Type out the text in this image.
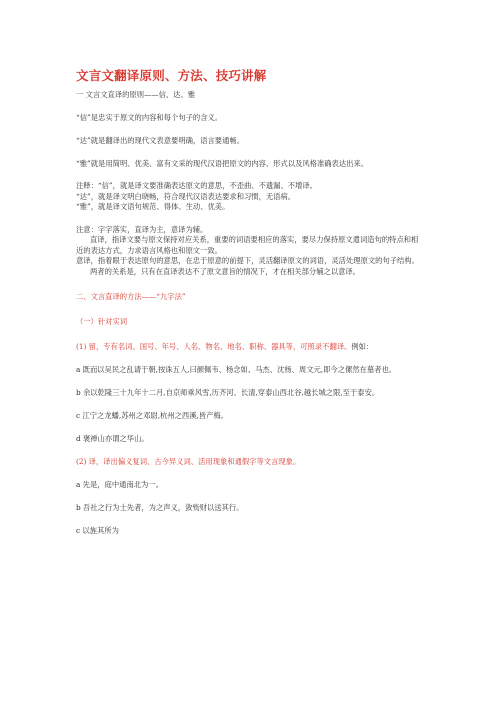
文言文翻译原则、方法、技巧讲解

一 文言文直译的原则——信、达、雅

“信”是忠实于原文的内容和每个句子的含义。

“达”就是翻译出的现代文表意要明确，语言要通畅。

“雅”就是用简明、优美、富有文采的现代汉语把原文的内容、形式以及风格准确表达出来。

注释：“信”，就是译文要准确表达原文的意思，不歪曲、不遗漏、不增译。

“达”，就是译文明白晓畅，符合现代汉语表达要求和习惯，无语病。

“雅”，就是译文语句规范、得体、生动、优美。

注意：字字落实，直译为主，意译为辅。

直译，指译文要与原文保持对应关系，重要的词语要相应的落实，要尽力保持原文遣词造句的特点和相近的表达方式，力求语言风格也和原文一致。

意译，指着眼于表达原句的意思，在忠于原意的前提下，灵活翻译原文的词语，灵活处理原文的句子结构。

两者的关系是，只有在直译表达不了原文意旨的情况下，才在相关部分辅之以意译。

二、文言直译的方法——“九字法”

（一）针对实词

(1) 留，专有名词、国号、年号、人名、物名、地名、职称、器具等，可照录不翻译。例如：

a 既而以吴民之乱请于朝,按诛五人,曰颜佩韦、杨念如、马杰、沈杨、周文元,即今之傫然在墓者也。

b 余以乾隆三十九年十二月,自京师乘风雪,历齐河、长清,穿泰山西北谷,越长城之限,至于泰安。

c 江宁之龙蟠,苏州之邓尉,杭州之西溪,皆产梅。

d 褒禅山亦谓之华山。

(2) 译，译出偏义复词、古今异义词、活用现象和通假字等文言现象。

a 先是，庭中通南北为一。

b 吾社之行为士先者，为之声义，敛赀财以送其行。

c 以旌其所为
